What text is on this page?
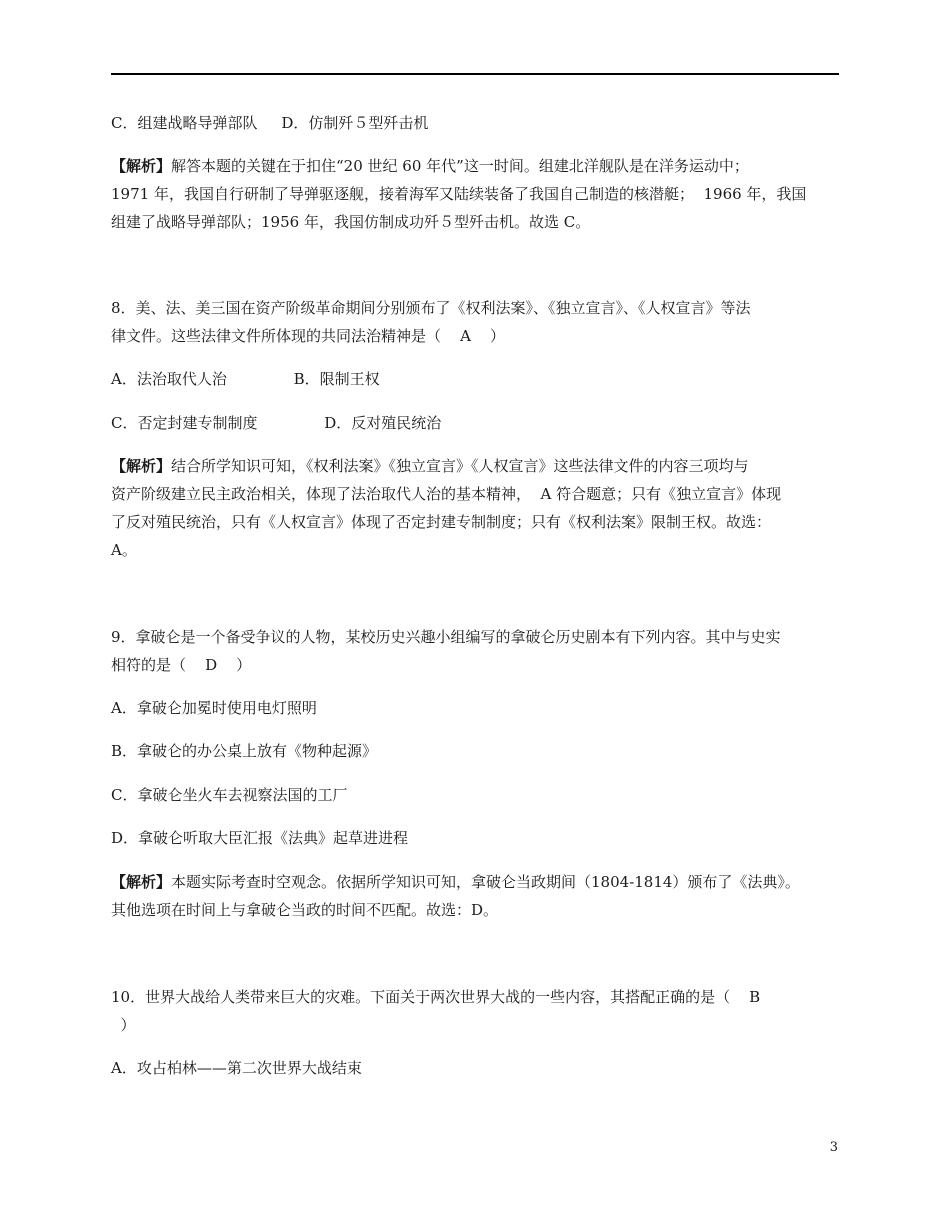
C．组建战略导弹部队     D．仿制歼５型歼击机
【解析】解答本题的关键在于扣住“20 世纪 60 年代”这一时间。组建北洋舰队是在洋务运动中；
1971 年，我国自行研制了导弹驱逐舰，接着海军又陆续装备了我国自己制造的核潜艇；  1966 年，我国
组建了战略导弹部队；1956 年，我国仿制成功歼５型歼击机。故选 C。
8．美、法、美三国在资产阶级革命期间分别颁布了《权利法案》、《独立宣言》、《人权宣言》等法
律文件。这些法律文件所体现的共同法治精神是（    A    ）
A．法治取代人治              B．限制王权
C．否定封建专制制度              D．反对殖民统治
【解析】结合所学知识可知，《权利法案》《独立宣言》《人权宣言》这些法律文件的内容三项均与
资产阶级建立民主政治相关，体现了法治取代人治的基本精神，  A 符合题意；只有《独立宣言》体现
了反对殖民统治，只有《人权宣言》体现了否定封建专制制度；只有《权利法案》限制王权。故选：
A。
9．拿破仑是一个备受争议的人物，某校历史兴趣小组编写的拿破仑历史剧本有下列内容。其中与史实
相符的是（    D    ）
A．拿破仑加冕时使用电灯照明
B．拿破仑的办公桌上放有《物种起源》
C．拿破仑坐火车去视察法国的工厂
D．拿破仑听取大臣汇报《法典》起草进进程
【解析】本题实际考查时空观念。依据所学知识可知，拿破仑当政期间（1804-1814）颁布了《法典》。
其他选项在时间上与拿破仑当政的时间不匹配。故选：D。
10．世界大战给人类带来巨大的灾难。下面关于两次世界大战的一些内容，其搭配正确的是（    B
）
A．攻占柏林——第二次世界大战结束
3
